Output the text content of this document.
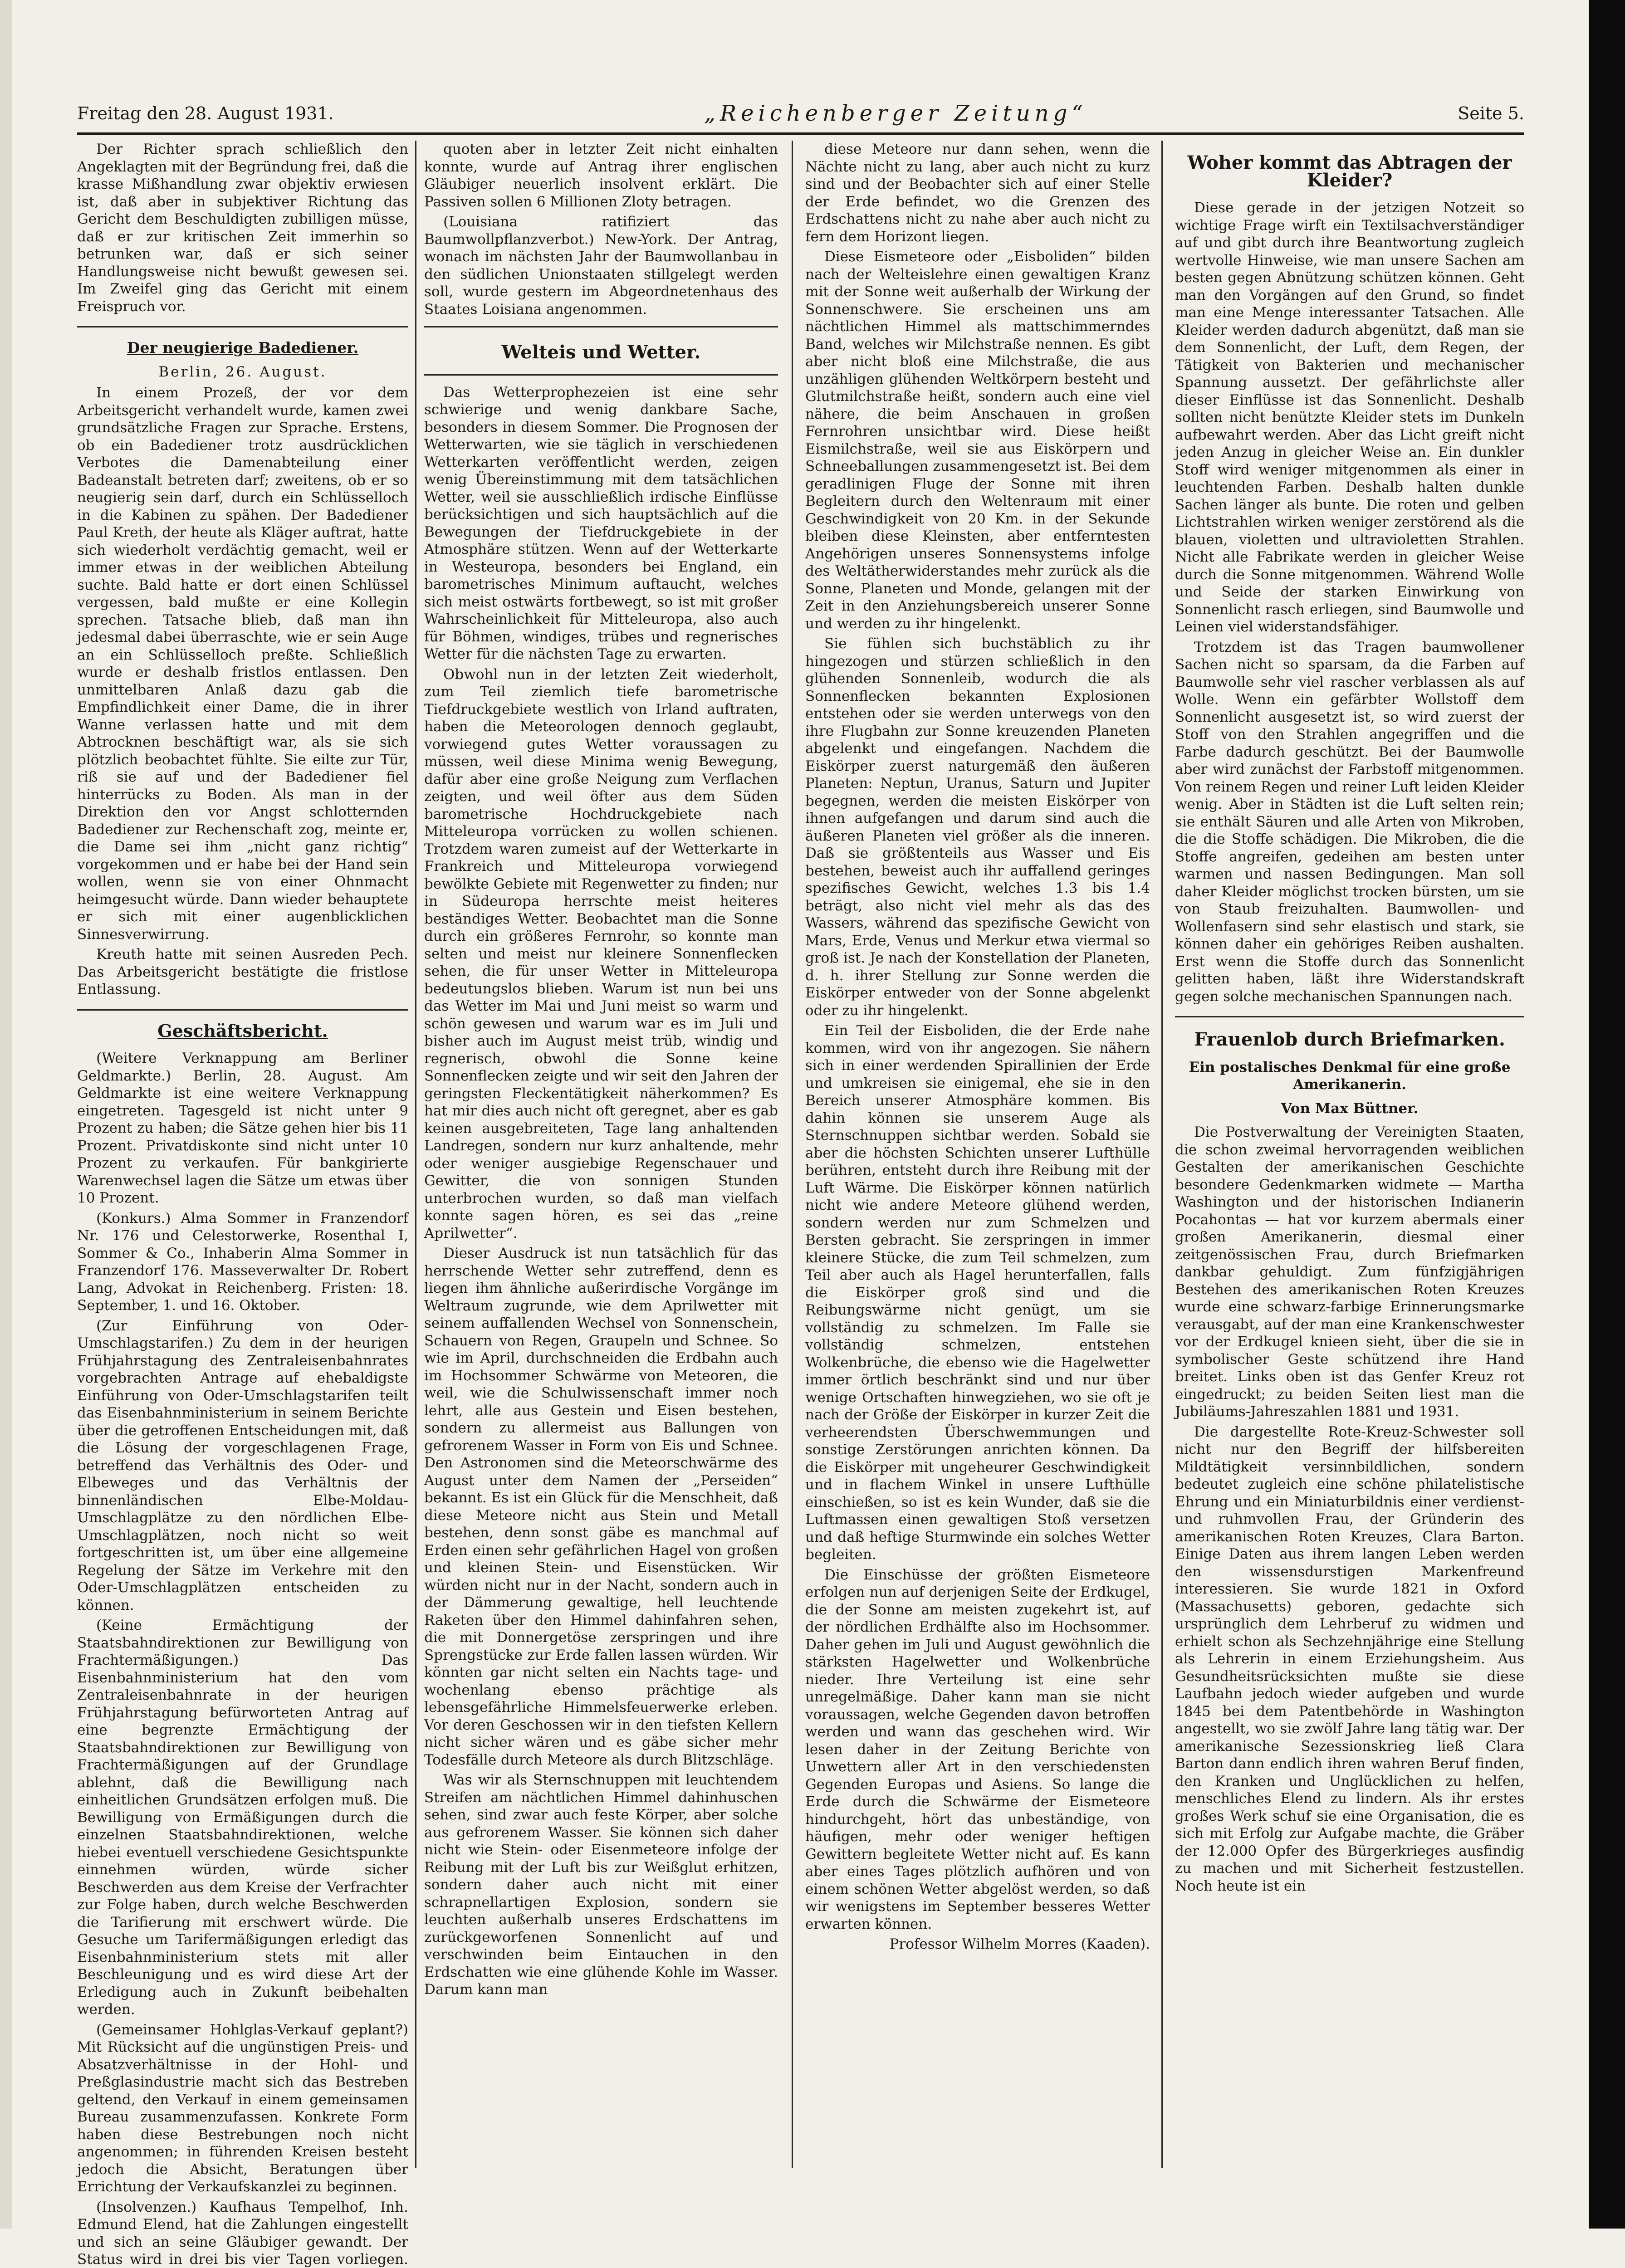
Freitag den 28. August 1931.	„Reichenberger Zeitung“	Seite 5.

Der Richter sprach schließlich den Angeklagten mit der Begründung frei, daß die krasse Mißhandlung zwar objektiv erwiesen ist, daß aber in subjektiver Richtung das Gericht dem Beschuldigten zubilligen müsse, daß er zur kritischen Zeit immerhin so betrunken war, daß er sich seiner Handlungsweise nicht bewußt gewesen sei. Im Zweifel ging das Gericht mit einem Freispruch vor.

Der neugierige Badediener.
Berlin, 26. August.

In einem Prozeß, der vor dem Arbeitsgericht verhandelt wurde, kamen zwei grundsätzliche Fragen zur Sprache. Erstens, ob ein Badediener trotz ausdrücklichen Verbotes die Damenabteilung einer Badeanstalt betreten darf; zweitens, ob er so neugierig sein darf, durch ein Schlüsselloch in die Kabinen zu spähen. Der Badediener Paul Kreth, der heute als Kläger auftrat, hatte sich wiederholt verdächtig gemacht, weil er immer etwas in der weiblichen Abteilung suchte. Bald hatte er dort einen Schlüssel vergessen, bald mußte er eine Kollegin sprechen. Tatsache blieb, daß man ihn jedesmal dabei überraschte, wie er sein Auge an ein Schlüsselloch preßte. Schließlich wurde er deshalb fristlos entlassen. Den unmittelbaren Anlaß dazu gab die Empfindlichkeit einer Dame, die in ihrer Wanne verlassen hatte und mit dem Abtrocknen beschäftigt war, als sie sich plötzlich beobachtet fühlte. Sie eilte zur Tür, riß sie auf und der Badediener fiel hinterrücks zu Boden. Als man in der Direktion den vor Angst schlotternden Badediener zur Rechenschaft zog, meinte er, die Dame sei ihm „nicht ganz richtig“ vorgekommen und er habe bei der Hand sein wollen, wenn sie von einer Ohnmacht heimgesucht würde. Dann wieder behauptete er sich mit einer augenblicklichen Sinnesverwirrung.

Kreuth hatte mit seinen Ausreden Pech. Das Arbeitsgericht bestätigte die fristlose Entlassung.

Geschäftsbericht.

(Weitere Verknappung am Berliner Geldmarkte.) Berlin, 28. August. Am Geldmarkte ist eine weitere Verknappung eingetreten. Tagesgeld ist nicht unter 9 Prozent zu haben; die Sätze gehen hier bis 11 Prozent. Privatdiskonte sind nicht unter 10 Prozent zu verkaufen. Für bankgirierte Warenwechsel lagen die Sätze um etwas über 10 Prozent.

(Konkurs.) Alma Sommer in Franzendorf Nr. 176 und Celestorwerke, Rosenthal I, Sommer & Co., Inhaberin Alma Sommer in Franzendorf 176. Masseverwalter Dr. Robert Lang, Advokat in Reichenberg. Fristen: 18. September, 1. und 16. Oktober.

(Zur Einführung von Oder-Umschlagstarifen.) Zu dem in der heurigen Frühjahrstagung des Zentraleisenbahnrates vorgebrachten Antrage auf ehebaldigste Einführung von Oder-Umschlagstarifen teilt das Eisenbahnministerium in seinem Berichte über die getroffenen Entscheidungen mit, daß die Lösung der vorgeschlagenen Frage, betreffend das Verhältnis des Oder- und Elbeweges und das Verhältnis der binnenländischen Elbe-Moldau-Umschlagplätze zu den nördlichen Elbe-Umschlagplätzen, noch nicht so weit fortgeschritten ist, um über eine allgemeine Regelung der Sätze im Verkehre mit den Oder-Umschlagplätzen entscheiden zu können.

(Keine Ermächtigung der Staatsbahndirektionen zur Bewilligung von Frachtermäßigungen.) Das Eisenbahnministerium hat den vom Zentraleisenbahnrate in der heurigen Frühjahrstagung befürworteten Antrag auf eine begrenzte Ermächtigung der Staatsbahndirektionen zur Bewilligung von Frachtermäßigungen auf der Grundlage ablehnt, daß die Bewilligung nach einheitlichen Grundsätzen erfolgen muß. Die Bewilligung von Ermäßigungen durch die einzelnen Staatsbahndirektionen, welche hiebei eventuell verschiedene Gesichtspunkte einnehmen würden, würde sicher Beschwerden aus dem Kreise der Verfrachter zur Folge haben, durch welche Beschwerden die Tarifierung mit erschwert würde. Die Gesuche um Tarifermäßigungen erledigt das Eisenbahnministerium stets mit aller Beschleunigung und es wird diese Art der Erledigung auch in Zukunft beibehalten werden.

(Gemeinsamer Hohlglas-Verkauf geplant?) Mit Rücksicht auf die ungünstigen Preis- und Absatzverhältnisse in der Hohl- und Preßglasindustrie macht sich das Bestreben geltend, den Verkauf in einem gemeinsamen Bureau zusammenzufassen. Konkrete Form haben diese Bestrebungen noch nicht angenommen; in führenden Kreisen besteht jedoch die Absicht, Beratungen über Errichtung der Verkaufskanzlei zu beginnen.

(Insolvenzen.) Kaufhaus Tempelhof, Inh. Edmund Elend, hat die Zahlungen eingestellt und sich an seine Gläubiger gewandt. Der Status wird in drei bis vier Tagen vorliegen.

quoten aber in letzter Zeit nicht einhalten konnte, wurde auf Antrag ihrer englischen Gläubiger neuerlich insolvent erklärt. Die Passiven sollen 6 Millionen Zloty betragen.

(Louisiana ratifiziert das Baumwollpflanzverbot.) New-York. Der Antrag, wonach im nächsten Jahr der Baumwollanbau in den südlichen Unionstaaten stillgelegt werden soll, wurde gestern im Abgeordnetenhaus des Staates Loisiana angenommen.

Welteis und Wetter.

Das Wetterprophezeien ist eine sehr schwierige und wenig dankbare Sache, besonders in diesem Sommer. Die Prognosen der Wetterwarten, wie sie täglich in verschiedenen Wetterkarten veröffentlicht werden, zeigen wenig Übereinstimmung mit dem tatsächlichen Wetter, weil sie ausschließlich irdische Einflüsse berücksichtigen und sich hauptsächlich auf die Bewegungen der Tiefdruckgebiete in der Atmosphäre stützen. Wenn auf der Wetterkarte in Westeuropa, besonders bei England, ein barometrisches Minimum auftaucht, welches sich meist ostwärts fortbewegt, so ist mit großer Wahrscheinlichkeit für Mitteleuropa, also auch für Böhmen, windiges, trübes und regnerisches Wetter für die nächsten Tage zu erwarten.

Obwohl nun in der letzten Zeit wiederholt, zum Teil ziemlich tiefe barometrische Tiefdruckgebiete westlich von Irland auftraten, haben die Meteorologen dennoch geglaubt, vorwiegend gutes Wetter voraussagen zu müssen, weil diese Minima wenig Bewegung, dafür aber eine große Neigung zum Verflachen zeigten, und weil öfter aus dem Süden barometrische Hochdruckgebiete nach Mitteleuropa vorrücken zu wollen schienen. Trotzdem waren zumeist auf der Wetterkarte in Frankreich und Mitteleuropa vorwiegend bewölkte Gebiete mit Regenwetter zu finden; nur in Südeuropa herrschte meist heiteres beständiges Wetter. Beobachtet man die Sonne durch ein größeres Fernrohr, so konnte man selten und meist nur kleinere Sonnenflecken sehen, die für unser Wetter in Mitteleuropa bedeutungslos blieben. Warum ist nun bei uns das Wetter im Mai und Juni meist so warm und schön gewesen und warum war es im Juli und bisher auch im August meist trüb, windig und regnerisch, obwohl die Sonne keine Sonnenflecken zeigte und wir seit den Jahren der geringsten Fleckentätigkeit näherkommen? Es hat mir dies auch nicht oft geregnet, aber es gab keinen ausgebreiteten, Tage lang anhaltenden Landregen, sondern nur kurz anhaltende, mehr oder weniger ausgiebige Regenschauer und Gewitter, die von sonnigen Stunden unterbrochen wurden, so daß man vielfach konnte sagen hören, es sei das „reine Aprilwetter“.

Dieser Ausdruck ist nun tatsächlich für das herrschende Wetter sehr zutreffend, denn es liegen ihm ähnliche außerirdische Vorgänge im Weltraum zugrunde, wie dem Aprilwetter mit seinem auffallenden Wechsel von Sonnenschein, Schauern von Regen, Graupeln und Schnee. So wie im April, durchschneiden die Erdbahn auch im Hochsommer Schwärme von Meteoren, die weil, wie die Schulwissenschaft immer noch lehrt, alle aus Gestein und Eisen bestehen, sondern zu allermeist aus Ballungen von gefrorenem Wasser in Form von Eis und Schnee. Den Astronomen sind die Meteorschwärme des August unter dem Namen der „Perseiden“ bekannt. Es ist ein Glück für die Menschheit, daß diese Meteore nicht aus Stein und Metall bestehen, denn sonst gäbe es manchmal auf Erden einen sehr gefährlichen Hagel von großen und kleinen Stein- und Eisenstücken. Wir würden nicht nur in der Nacht, sondern auch in der Dämmerung gewaltige, hell leuchtende Raketen über den Himmel dahinfahren sehen, die mit Donnergetöse zerspringen und ihre Sprengstücke zur Erde fallen lassen würden. Wir könnten gar nicht selten ein Nachts tage- und wochenlang ebenso prächtige als lebensgefährliche Himmelsfeuerwerke erleben. Vor deren Geschossen wir in den tiefsten Kellern nicht sicher wären und es gäbe sicher mehr Todesfälle durch Meteore als durch Blitzschläge.

Was wir als Sternschnuppen mit leuchtendem Streifen am nächtlichen Himmel dahinhuschen sehen, sind zwar auch feste Körper, aber solche aus gefrorenem Wasser. Sie können sich daher nicht wie Stein- oder Eisenmeteore infolge der Reibung mit der Luft bis zur Weißglut erhitzen, sondern daher auch nicht mit einer schrapnellartigen Explosion, sondern sie leuchten außerhalb unseres Erdschattens im zurückgeworfenen Sonnenlicht auf und verschwinden beim Eintauchen in den Erdschatten wie eine glühende Kohle im Wasser. Darum kann man

diese Meteore nur dann sehen, wenn die Nächte nicht zu lang, aber auch nicht zu kurz sind und der Beobachter sich auf einer Stelle der Erde befindet, wo die Grenzen des Erdschattens nicht zu nahe aber auch nicht zu fern dem Horizont liegen.

Diese Eismeteore oder „Eisboliden“ bilden nach der Welteislehre einen gewaltigen Kranz mit der Sonne weit außerhalb der Wirkung der Sonnenschwere. Sie erscheinen uns am nächtlichen Himmel als mattschimmerndes Band, welches wir Milchstraße nennen. Es gibt aber nicht bloß eine Milchstraße, die aus unzähligen glühenden Weltkörpern besteht und Glutmilchstraße heißt, sondern auch eine viel nähere, die beim Anschauen in großen Fernrohren unsichtbar wird. Diese heißt Eismilchstraße, weil sie aus Eiskörpern und Schneeballungen zusammengesetzt ist. Bei dem geradlinigen Fluge der Sonne mit ihren Begleitern durch den Weltenraum mit einer Geschwindigkeit von 20 Km. in der Sekunde bleiben diese Kleinsten, aber entferntesten Angehörigen unseres Sonnensystems infolge des Weltätherwiderstandes mehr zurück als die Sonne, Planeten und Monde, gelangen mit der Zeit in den Anziehungsbereich unserer Sonne und werden zu ihr hingelenkt.

Sie fühlen sich buchstäblich zu ihr hingezogen und stürzen schließlich in den glühenden Sonnenleib, wodurch die als Sonnenflecken bekannten Explosionen entstehen oder sie werden unterwegs von den ihre Flugbahn zur Sonne kreuzenden Planeten abgelenkt und eingefangen. Nachdem die Eiskörper zuerst naturgemäß den äußeren Planeten: Neptun, Uranus, Saturn und Jupiter begegnen, werden die meisten Eiskörper von ihnen aufgefangen und darum sind auch die äußeren Planeten viel größer als die inneren. Daß sie größtenteils aus Wasser und Eis bestehen, beweist auch ihr auffallend geringes spezifisches Gewicht, welches 1.3 bis 1.4 beträgt, also nicht viel mehr als das des Wassers, während das spezifische Gewicht von Mars, Erde, Venus und Merkur etwa viermal so groß ist. Je nach der Konstellation der Planeten, d. h. ihrer Stellung zur Sonne werden die Eiskörper entweder von der Sonne abgelenkt oder zu ihr hingelenkt.

Ein Teil der Eisboliden, die der Erde nahe kommen, wird von ihr angezogen. Sie nähern sich in einer werdenden Spirallinien der Erde und umkreisen sie einigemal, ehe sie in den Bereich unserer Atmosphäre kommen. Bis dahin können sie unserem Auge als Sternschnuppen sichtbar werden. Sobald sie aber die höchsten Schichten unserer Lufthülle berühren, entsteht durch ihre Reibung mit der Luft Wärme. Die Eiskörper können natürlich nicht wie andere Meteore glühend werden, sondern werden nur zum Schmelzen und Bersten gebracht. Sie zerspringen in immer kleinere Stücke, die zum Teil schmelzen, zum Teil aber auch als Hagel herunterfallen, falls die Eiskörper groß sind und die Reibungswärme nicht genügt, um sie vollständig zu schmelzen. Im Falle sie vollständig schmelzen, entstehen Wolkenbrüche, die ebenso wie die Hagelwetter immer örtlich beschränkt sind und nur über wenige Ortschaften hinwegziehen, wo sie oft je nach der Größe der Eiskörper in kurzer Zeit die verheerendsten Überschwemmungen und sonstige Zerstörungen anrichten können. Da die Eiskörper mit ungeheurer Geschwindigkeit und in flachem Winkel in unsere Lufthülle einschießen, so ist es kein Wunder, daß sie die Luftmassen einen gewaltigen Stoß versetzen und daß heftige Sturmwinde ein solches Wetter begleiten.

Die Einschüsse der größten Eismeteore erfolgen nun auf derjenigen Seite der Erdkugel, die der Sonne am meisten zugekehrt ist, auf der nördlichen Erdhälfte also im Hochsommer. Daher gehen im Juli und August gewöhnlich die stärksten Hagelwetter und Wolkenbrüche nieder. Ihre Verteilung ist eine sehr unregelmäßige. Daher kann man sie nicht voraussagen, welche Gegenden davon betroffen werden und wann das geschehen wird. Wir lesen daher in der Zeitung Berichte von Unwettern aller Art in den verschiedensten Gegenden Europas und Asiens. So lange die Erde durch die Schwärme der Eismeteore hindurchgeht, hört das unbeständige, von häufigen, mehr oder weniger heftigen Gewittern begleitete Wetter nicht auf. Es kann aber eines Tages plötzlich aufhören und von einem schönen Wetter abgelöst werden, so daß wir wenigstens im September besseres Wetter erwarten können.

Professor Wilhelm Morres (Kaaden).

Woher kommt das Abtragen der Kleider?

Diese gerade in der jetzigen Notzeit so wichtige Frage wirft ein Textilsachverständiger auf und gibt durch ihre Beantwortung zugleich wertvolle Hinweise, wie man unsere Sachen am besten gegen Abnützung schützen können. Geht man den Vorgängen auf den Grund, so findet man eine Menge interessanter Tatsachen. Alle Kleider werden dadurch abgenützt, daß man sie dem Sonnenlicht, der Luft, dem Regen, der Tätigkeit von Bakterien und mechanischer Spannung aussetzt. Der gefährlichste aller dieser Einflüsse ist das Sonnenlicht. Deshalb sollten nicht benützte Kleider stets im Dunkeln aufbewahrt werden. Aber das Licht greift nicht jeden Anzug in gleicher Weise an. Ein dunkler Stoff wird weniger mitgenommen als einer in leuchtenden Farben. Deshalb halten dunkle Sachen länger als bunte. Die roten und gelben Lichtstrahlen wirken weniger zerstörend als die blauen, violetten und ultravioletten Strahlen. Nicht alle Fabrikate werden in gleicher Weise durch die Sonne mitgenommen. Während Wolle und Seide der starken Einwirkung von Sonnenlicht rasch erliegen, sind Baumwolle und Leinen viel widerstandsfähiger.

Trotzdem ist das Tragen baumwollener Sachen nicht so sparsam, da die Farben auf Baumwolle sehr viel rascher verblassen als auf Wolle. Wenn ein gefärbter Wollstoff dem Sonnenlicht ausgesetzt ist, so wird zuerst der Stoff von den Strahlen angegriffen und die Farbe dadurch geschützt. Bei der Baumwolle aber wird zunächst der Farbstoff mitgenommen. Von reinem Regen und reiner Luft leiden Kleider wenig. Aber in Städten ist die Luft selten rein; sie enthält Säuren und alle Arten von Mikroben, die die Stoffe schädigen. Die Mikroben, die die Stoffe angreifen, gedeihen am besten unter warmen und nassen Bedingungen. Man soll daher Kleider möglichst trocken bürsten, um sie von Staub freizuhalten. Baumwollen- und Wollenfasern sind sehr elastisch und stark, sie können daher ein gehöriges Reiben aushalten. Erst wenn die Stoffe durch das Sonnenlicht gelitten haben, läßt ihre Widerstandskraft gegen solche mechanischen Spannungen nach.

Frauenlob durch Briefmarken.
Ein postalisches Denkmal für eine große Amerikanerin.
Von Max Büttner.

Die Postverwaltung der Vereinigten Staaten, die schon zweimal hervorragenden weiblichen Gestalten der amerikanischen Geschichte besondere Gedenkmarken widmete — Martha Washington und der historischen Indianerin Pocahontas — hat vor kurzem abermals einer großen Amerikanerin, diesmal einer zeitgenössischen Frau, durch Briefmarken dankbar gehuldigt. Zum fünfzigjährigen Bestehen des amerikanischen Roten Kreuzes wurde eine schwarz-farbige Erinnerungsmarke verausgabt, auf der man eine Krankenschwester vor der Erdkugel knieen sieht, über die sie in symbolischer Geste schützend ihre Hand breitet. Links oben ist das Genfer Kreuz rot eingedruckt; zu beiden Seiten liest man die Jubiläums-Jahreszahlen 1881 und 1931.

Die dargestellte Rote-Kreuz-Schwester soll nicht nur den Begriff der hilfsbereiten Mildtätigkeit versinnbildlichen, sondern bedeutet zugleich eine schöne philatelistische Ehrung und ein Miniaturbildnis einer verdienst- und ruhmvollen Frau, der Gründerin des amerikanischen Roten Kreuzes, Clara Barton. Einige Daten aus ihrem langen Leben werden den wissensdurstigen Markenfreund interessieren. Sie wurde 1821 in Oxford (Massachusetts) geboren, gedachte sich ursprünglich dem Lehrberuf zu widmen und erhielt schon als Sechzehnjährige eine Stellung als Lehrerin in einem Erziehungsheim. Aus Gesundheitsrücksichten mußte sie diese Laufbahn jedoch wieder aufgeben und wurde 1845 bei dem Patentbehörde in Washington angestellt, wo sie zwölf Jahre lang tätig war. Der amerikanische Sezessionskrieg ließ Clara Barton dann endlich ihren wahren Beruf finden, den Kranken und Unglücklichen zu helfen, menschliches Elend zu lindern. Als ihr erstes großes Werk schuf sie eine Organisation, die es sich mit Erfolg zur Aufgabe machte, die Gräber der 12.000 Opfer des Bürgerkrieges ausfindig zu machen und mit Sicherheit festzustellen. Noch heute ist ein
